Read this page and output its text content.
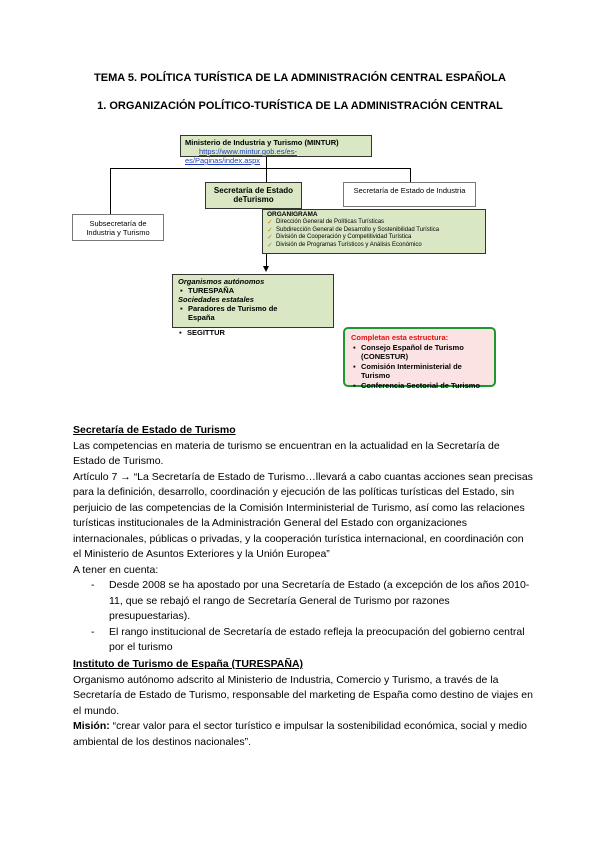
TEMA 5. POLÍTICA TURÍSTICA DE LA ADMINISTRACIÓN CENTRAL ESPAÑOLA
1. ORGANIZACIÓN POLÍTICO-TURÍSTICA DE LA ADMINISTRACIÓN CENTRAL
Ministerio de Industria y Turismo (MINTUR)
https://www.mintur.gob.es/es-es/Paginas/index.aspx
Secretaría de Estado deTurismo
Secretaría de Estado de Industria
Subsecretaría de Industria y Turismo
ORGANIGRAMA
✓ Dirección General de Políticas Turísticas
✓ Subdirección General de Desarrollo y Sostenibilidad Turística
✓ División de Cooperación y Competitividad Turística
✓ División de Programas Turísticos y Análisis Económico
Organismos autónomos
▪ TURESPAÑA
Sociedades estatales
▪ Paradores de Turismo de España
▪ SEGITTUR
Completan esta estructura:
▪ Consejo Español de Turismo (CONESTUR)
▪ Comisión Interministerial de Turismo
▪ Conferencia Sectorial de Turismo

Secretaría de Estado de Turismo

Las competencias en materia de turismo se encuentran en la actualidad en la Secretaría de Estado de Turismo.

Artículo 7 → “La Secretaría de Estado de Turismo…llevará a cabo cuantas acciones sean precisas para la definición, desarrollo, coordinación y ejecución de las políticas turísticas del Estado, sin perjuicio de las competencias de la Comisión Interministerial de Turismo, así como las relaciones turísticas institucionales de la Administración General del Estado con organizaciones internacionales, públicas o privadas, y la cooperación turística internacional, en coordinación con el Ministerio de Asuntos Exteriores y la Unión Europea”

A tener en cuenta:

- Desde 2008 se ha apostado por una Secretaría de Estado (a excepción de los años 2010-11, que se rebajó el rango de Secretaría General de Turismo por razones presupuestarias).
- El rango institucional de Secretaría de estado refleja la preocupación del gobierno central por el turismo

Instituto de Turismo de España (TURESPAÑA)

Organismo autónomo adscrito al Ministerio de Industria, Comercio y Turismo, a través de la Secretaría de Estado de Turismo, responsable del marketing de España como destino de viajes en el mundo.

Misión: “crear valor para el sector turístico e impulsar la sostenibilidad económica, social y medio ambiental de los destinos nacionales”.
